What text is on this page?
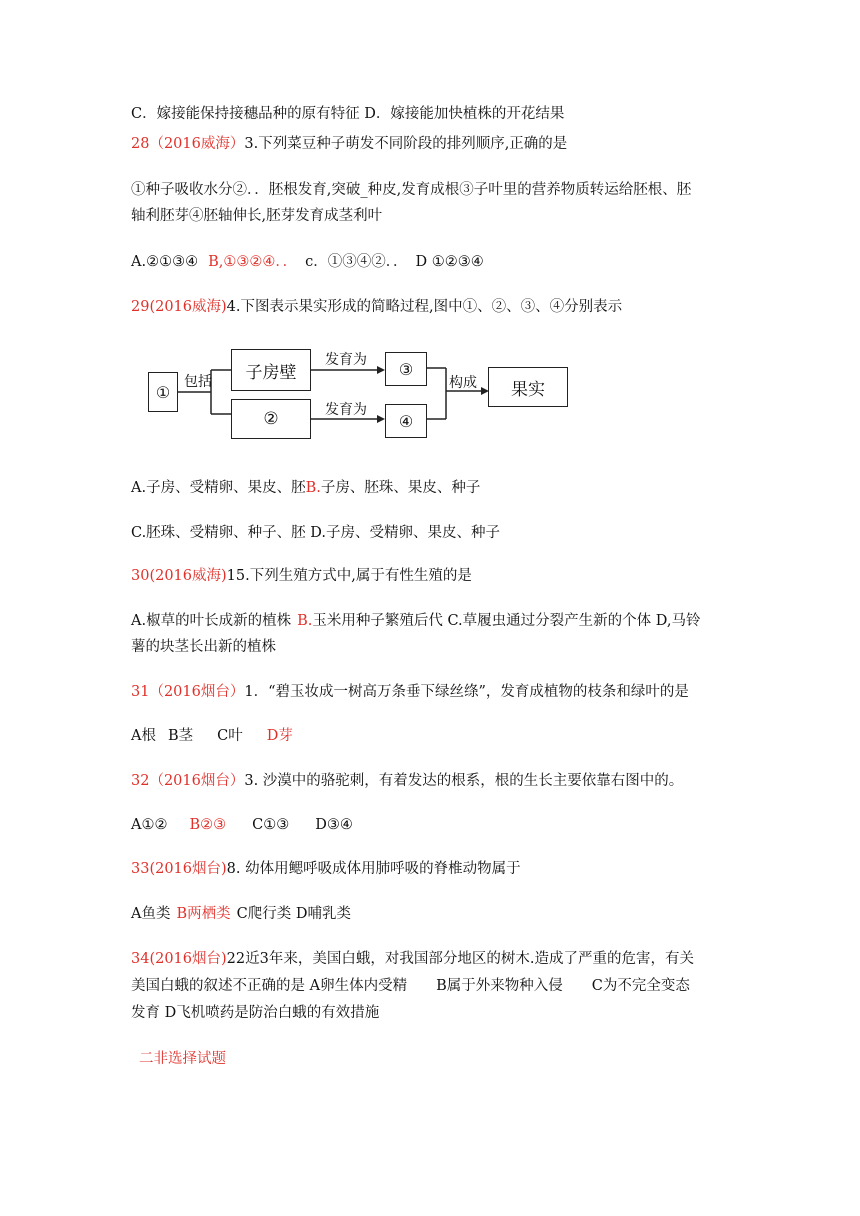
C．嫁接能保持接穗品种的原有特征 D．嫁接能加快植株的开花结果
28（2016威海）3.下列菜豆种子萌发不同阶段的排列顺序,正确的是
①种子吸收水分②．．胚根发育,突破_种皮,发育成根③子叶里的营养物质转运给胚根、胚
轴利胚芽④胚轴伸长,胚芽发育成茎利叶
A.②①③④ B,①③②④．． c．①③④②．． D ①②③④
29(2016威海)4.下图表示果实形成的简略过程,图中①、②、③、④分别表示
①
包括	子房壁
②
发育为
发育为
③
④
构成	果实
A.子房、受精卵、果皮、胚B.子房、胚珠、果皮、种子
C.胚珠、受精卵、种子、胚 D.子房、受精卵、果皮、种子
30(2016威海)15.下列生殖方式中,属于有性生殖的是
A.椒草的叶长成新的植株 B.玉米用种子繁殖后代 C.草履虫通过分裂产生新的个体 D,马铃
薯的块茎长出新的植株
31（2016烟台）1．“碧玉妆成一树高万条垂下绿丝绦”，发育成植物的枝条和绿叶的是
A根 B茎 C叶 D芽
32（2016烟台）3. 沙漠中的骆驼刺，有着发达的根系，根的生长主要依靠右图中的。
A①② B②③ C①③ D③④
33(2016烟台)8. 幼体用鳃呼吸成体用肺呼吸的脊椎动物属于
A鱼类 B两栖类 C爬行类 D哺乳类
34(2016烟台)22近3年来，美国白蛾，对我国部分地区的树木.造成了严重的危害，有关
美国白蛾的叙述不正确的是 A卵生体内受精　　B属于外来物种入侵　　C为不完全变态
发育 D飞机喷药是防治白蛾的有效措施
二非选择试题
